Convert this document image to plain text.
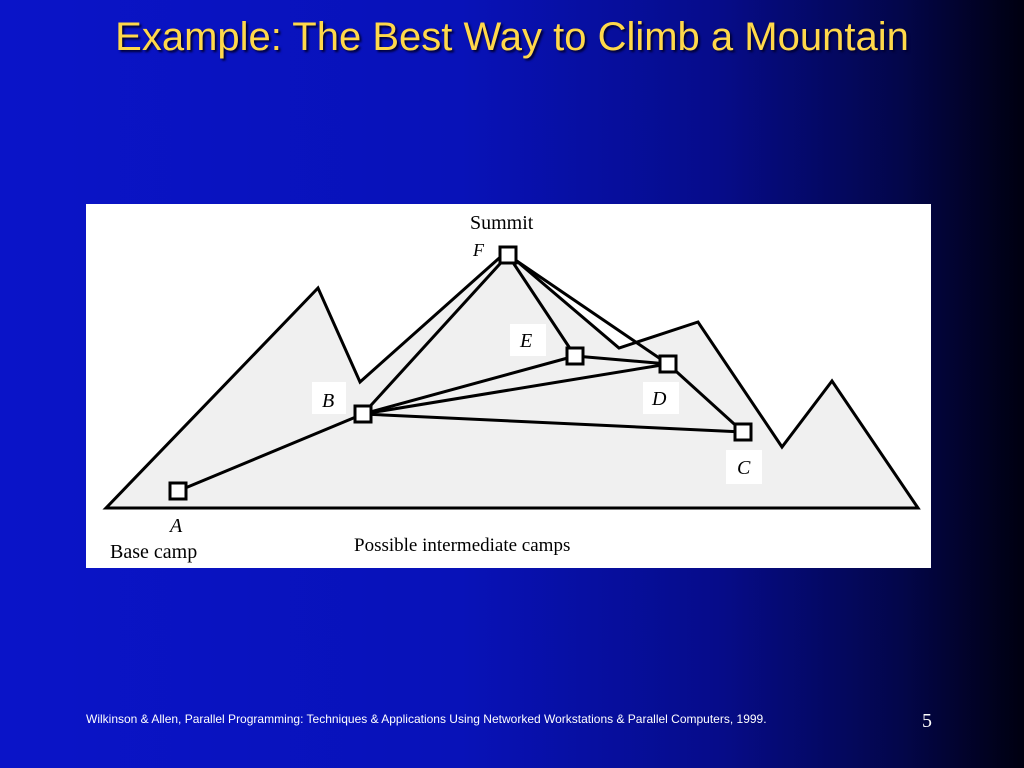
Example: The Best Way to Climb a Mountain
A
B
C
D
E
F
Summit
Base camp	Possible intermediate camps
Wilkinson & Allen, Parallel Programming: Techniques & Applications Using Networked Workstations & Parallel Computers, 1999.	5
